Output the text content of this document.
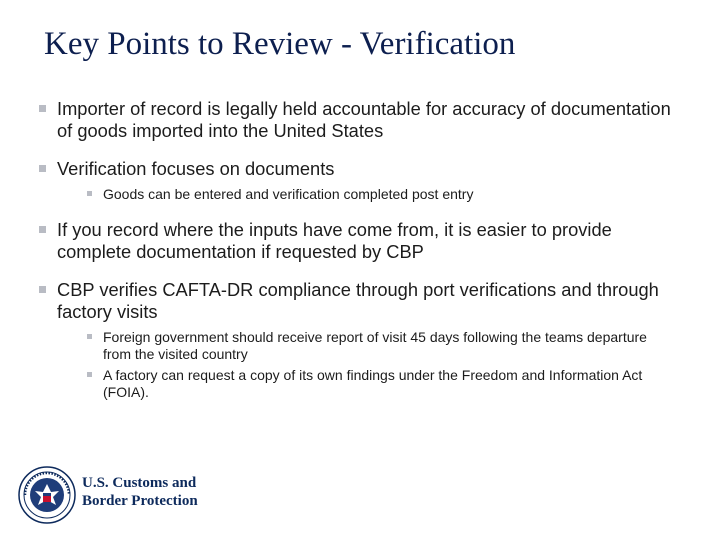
Key Points to Review - Verification
Importer of record is legally held accountable for accuracy of documentation of goods imported into the United States
Verification focuses on documents
Goods can be entered and verification completed post entry
If you record where the inputs have come from, it is easier to provide complete documentation if requested by CBP
CBP verifies CAFTA-DR compliance through port verifications and through factory visits
Foreign government should receive report of visit 45 days following the teams departure from the visited country
A factory can request a copy of its own findings under the Freedom and Information Act (FOIA).
U.S. Customs and
Border Protection
